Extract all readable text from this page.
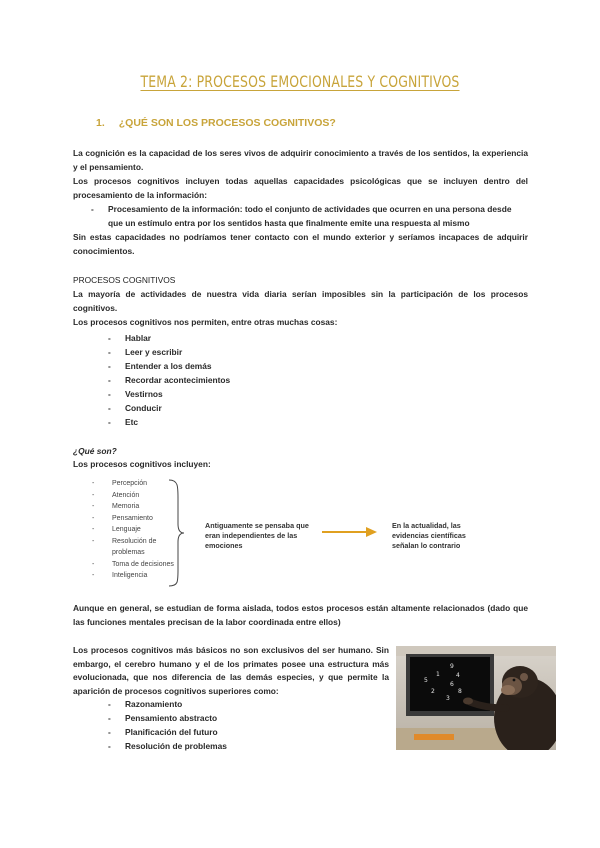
TEMA 2: PROCESOS EMOCIONALES Y COGNITIVOS
1. ¿QUÉ SON LOS PROCESOS COGNITIVOS?
La cognición es la capacidad de los seres vivos de adquirir conocimiento a través de los sentidos, la experiencia y el pensamiento.
Los procesos cognitivos incluyen todas aquellas capacidades psicológicas que se incluyen dentro del procesamiento de la información:
- Procesamiento de la información: todo el conjunto de actividades que ocurren en una persona desde que un estímulo entra por los sentidos hasta que finalmente emite una respuesta al mismo
Sin estas capacidades no podríamos tener contacto con el mundo exterior y seríamos incapaces de adquirir conocimientos.
PROCESOS COGNITIVOS
La mayoría de actividades de nuestra vida diaria serían imposibles sin la participación de los procesos cognitivos.
Los procesos cognitivos nos permiten, entre otras muchas cosas:
- Hablar
- Leer y escribir
- Entender a los demás
- Recordar acontecimientos
- Vestirnos
- Conducir
- Etc
¿Qué son?
Los procesos cognitivos incluyen:
-	Percepción
-	Atención
-	Memoria
-	Pensamiento
-	Lenguaje
-	Resolución de problemas
-	Toma de decisiones
-	Inteligencia
Antiguamente se pensaba que eran independientes de las emociones
En la actualidad, las evidencias científicas señalan lo contrario
Aunque en general, se estudian de forma aislada, todos estos procesos están altamente relacionados (dado que las funciones mentales precisan de la labor coordinada entre ellos)
Los procesos cognitivos más básicos no son exclusivos del ser humano. Sin embargo, el cerebro humano y el de los primates posee una estructura más evolucionada, que nos diferencia de las demás especies, y que permite la aparición de procesos cognitivos superiores como:
- Razonamiento
- Pensamiento abstracto
- Planificación del futuro
- Resolución de problemas
9
1	4
5
6
2	8
3
